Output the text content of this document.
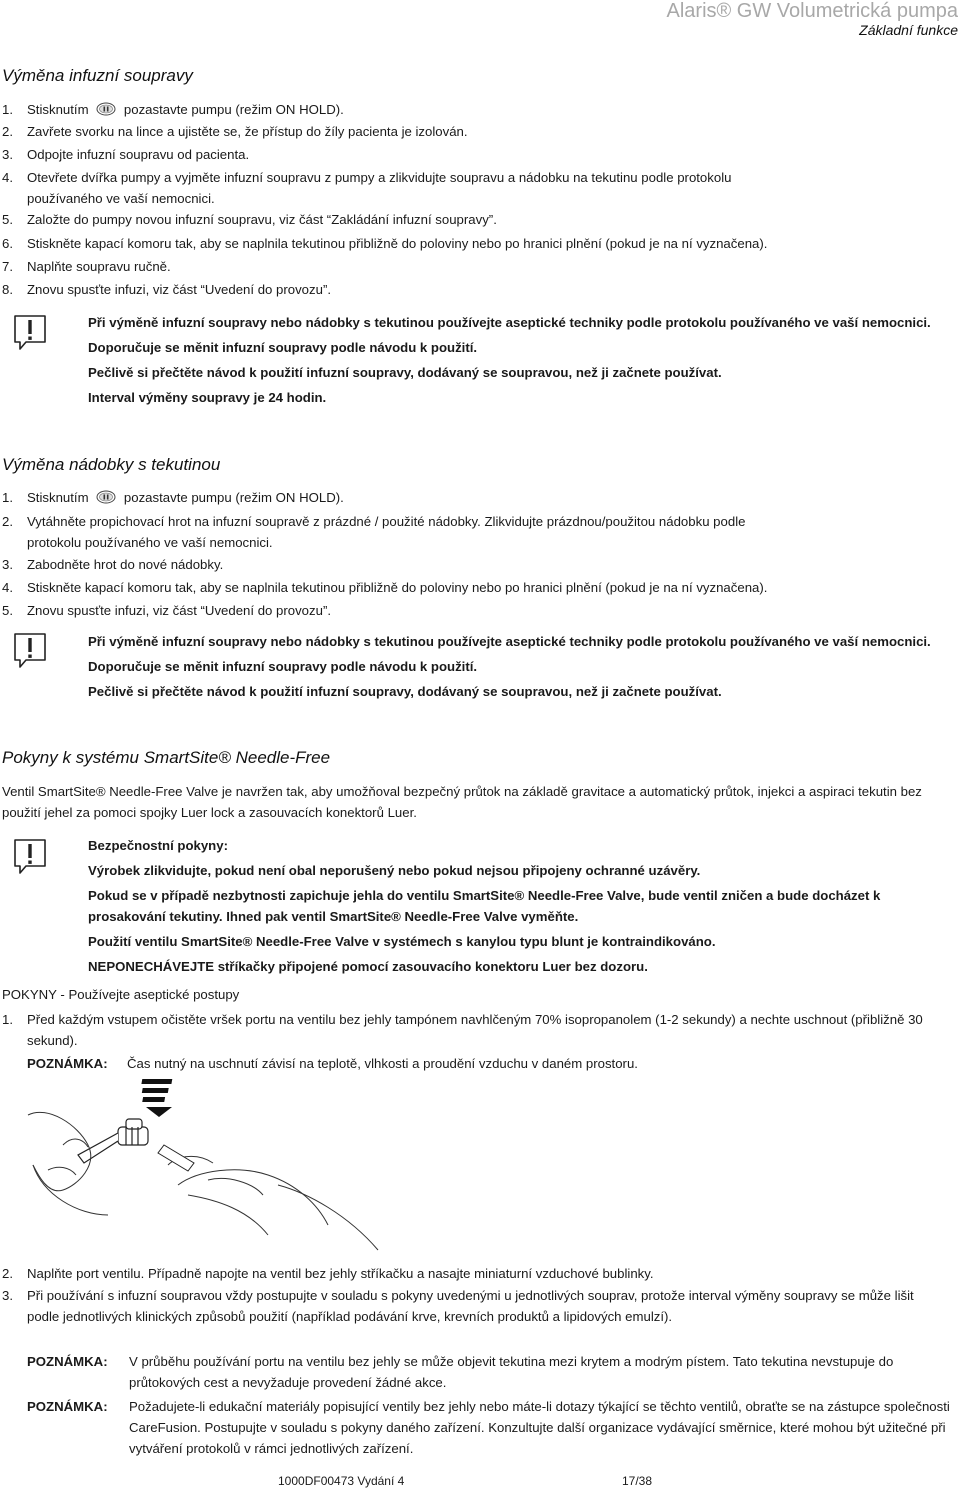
Alaris® GW Volumetrická pumpa
Základní funkce
Výměna infuzní soupravy
1. Stisknutím	pozastavte pumpu (režim ON HOLD).
2. Zavřete svorku na lince a ujistěte se, že přístup do žíly pacienta je izolován.
3. Odpojte infuzní soupravu od pacienta.
4. Otevřete dvířka pumpy a vyjměte infuzní soupravu z pumpy a zlikvidujte soupravu a nádobku na tekutinu podle protokolu
používaného ve vaší nemocnici.
5. Založte do pumpy novou infuzní soupravu, viz část “Zakládání infuzní soupravy”.
6. Stiskněte kapací komoru tak, aby se naplnila tekutinou přibližně do poloviny nebo po hranici plnění (pokud je na ní vyznačena).
7. Naplňte soupravu ručně.
8. Znovu spusťte infuzi, viz část “Uvedení do provozu”.

Při výměně infuzní soupravy nebo nádobky s tekutinou používejte aseptické techniky podle protokolu používaného ve vaší nemocnici.

Doporučuje se měnit infuzní soupravy podle návodu k použití.

Pečlivě si přečtěte návod k použití infuzní soupravy, dodávaný se soupravou, než ji začnete používat.

Interval výměny soupravy je 24 hodin.

Výměna nádobky s tekutinou
1. Stisknutím	pozastavte pumpu (režim ON HOLD).
2. Vytáhněte propichovací hrot na infuzní soupravě z prázdné / použité nádobky. Zlikvidujte prázdnou/použitou nádobku podle
protokolu používaného ve vaší nemocnici.
3. Zabodněte hrot do nové nádobky.
4. Stiskněte kapací komoru tak, aby se naplnila tekutinou přibližně do poloviny nebo po hranici plnění (pokud je na ní vyznačena).
5. Znovu spusťte infuzi, viz část “Uvedení do provozu”.

Při výměně infuzní soupravy nebo nádobky s tekutinou používejte aseptické techniky podle protokolu používaného ve vaší nemocnici.

Doporučuje se měnit infuzní soupravy podle návodu k použití.

Pečlivě si přečtěte návod k použití infuzní soupravy, dodávaný se soupravou, než ji začnete používat.

Pokyny k systému SmartSite® Needle-Free
Ventil SmartSite® Needle-Free Valve je navržen tak, aby umožňoval bezpečný průtok na základě gravitace a automatický průtok, injekci a aspiraci tekutin bez použití jehel za pomoci spojky Luer lock a zasouvacích konektorů Luer.

Bezpečnostní pokyny:

Výrobek zlikvidujte, pokud není obal neporušený nebo pokud nejsou připojeny ochranné uzávěry.

Pokud se v případě nezbytnosti zapichuje jehla do ventilu SmartSite® Needle-Free Valve, bude ventil zničen a bude docházet k prosakování tekutiny. Ihned pak ventil SmartSite® Needle-Free Valve vyměňte.

Použití ventilu SmartSite® Needle-Free Valve v systémech s kanylou typu blunt je kontraindikováno.

NEPONECHÁVEJTE stříkačky připojené pomocí zasouvacího konektoru Luer bez dozoru.

POKYNY - Používejte aseptické postupy
1.	Před každým vstupem očistěte vršek portu na ventilu bez jehly tampónem navhlčeným 70% isopropanolem (1-2 sekundy) a nechte uschnout (přibližně 30 sekund).
POZNÁMKA: Čas nutný na uschnutí závisí na teplotě, vlhkosti a proudění vzduchu v daném prostoru.
2. Naplňte port ventilu. Případně napojte na ventil bez jehly stříkačku a nasajte miniaturní vzduchové bublinky.
3.	Při používání s infuzní soupravou vždy postupujte v souladu s pokyny uvedenými u jednotlivých souprav, protože interval výměny soupravy se může lišit podle jednotlivých klinických způsobů použití (například podávání krve, krevních produktů a lipidových emulzí).
POZNÁMKA:	V průběhu používání portu na ventilu bez jehly se může objevit tekutina mezi krytem a modrým pístem. Tato tekutina nevstupuje do průtokových cest a nevyžaduje provedení žádné akce.
POZNÁMKA:	Požadujete-li edukační materiály popisující ventily bez jehly nebo máte-li dotazy týkající se těchto ventilů, obraťte se na zástupce společnosti CareFusion. Postupujte v souladu s pokyny daného zařízení. Konzultujte další organizace vydávající směrnice, které mohou být užitečné při vytváření protokolů v rámci jednotlivých zařízení.
1000DF00473 Vydání 4	17/38
